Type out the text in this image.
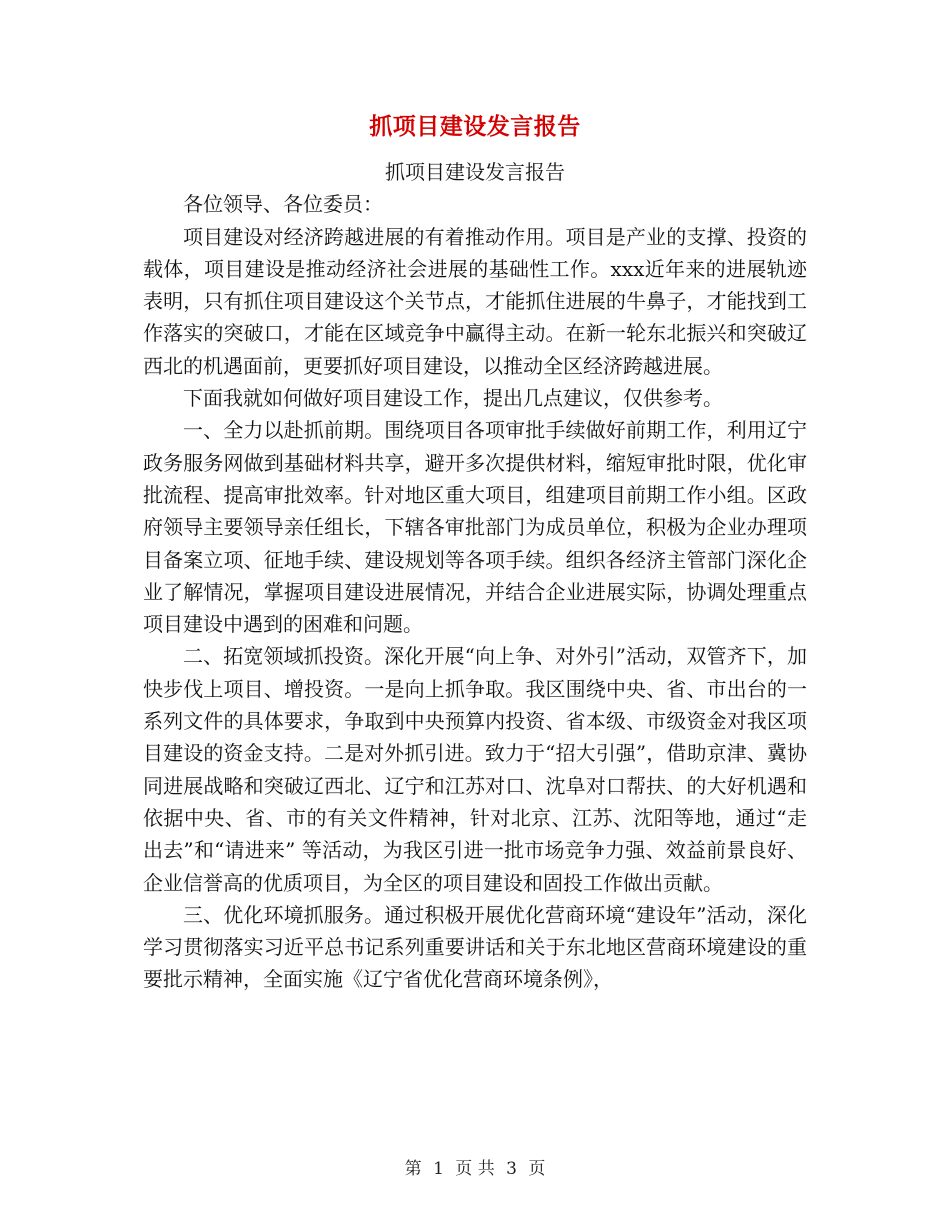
抓项目建设发言报告

抓项目建设发言报告

各位领导、各位委员：

项目建设对经济跨越进展的有着推动作用。项目是产业的支撑、投资的载体，项目建设是推动经济社会进展的基础性工作。xxx近年来的进展轨迹表明，只有抓住项目建设这个关节点，才能抓住进展的牛鼻子，才能找到工作落实的突破口，才能在区域竞争中赢得主动。在新一轮东北振兴和突破辽西北的机遇面前，更要抓好项目建设，以推动全区经济跨越进展。

下面我就如何做好项目建设工作，提出几点建议，仅供参考。

一、全力以赴抓前期。围绕项目各项审批手续做好前期工作，利用辽宁政务服务网做到基础材料共享，避开多次提供材料，缩短审批时限，优化审批流程、提高审批效率。针对地区重大项目，组建项目前期工作小组。区政府领导主要领导亲任组长，下辖各审批部门为成员单位，积极为企业办理项目备案立项、征地手续、建设规划等各项手续。组织各经济主管部门深化企业了解情况，掌握项目建设进展情况，并结合企业进展实际，协调处理重点项目建设中遇到的困难和问题。

二、拓宽领域抓投资。深化开展“向上争、对外引”活动，双管齐下，加快步伐上项目、增投资。一是向上抓争取。我区围绕中央、省、市出台的一系列文件的具体要求，争取到中央预算内投资、省本级、市级资金对我区项目建设的资金支持。二是对外抓引进。致力于“招大引强”，借助京津、冀协同进展战略和突破辽西北、辽宁和江苏对口、沈阜对口帮扶、的大好机遇和依据中央、省、市的有关文件精神，针对北京、江苏、沈阳等地，通过“走出去”和“请进来” 等活动，为我区引进一批市场竞争力强、效益前景良好、企业信誉高的优质项目，为全区的项目建设和固投工作做出贡献。

三、优化环境抓服务。通过积极开展优化营商环境“建设年”活动，深化学习贯彻落实习近平总书记系列重要讲话和关于东北地区营商环境建设的重要批示精神，全面实施《辽宁省优化营商环境条例》，

第 1 页 共 3 页
